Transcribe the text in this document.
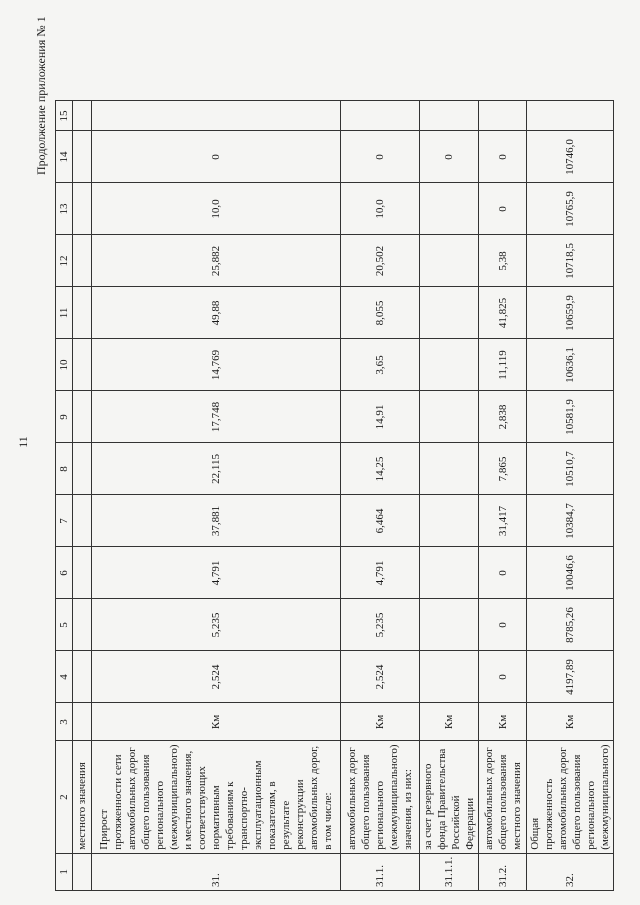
11
Продолжение приложения № 1
1	2	3	4	5	6	7	8	9	10	11	12	13	14	15
	местного значения													
31.	Прирост протяженности сети автомобильных дорог общего пользования регионального (межмуниципального) и местного значения, соответствующих нормативным требованиям к транспортно-эксплуатационным показателям, в результате реконструкции автомобильных дорог, в том числе:	Км	2,524	5,235	4,791	37,881	22,115	17,748	14,769	49,88	25,882	10,0	0	
31.1.	автомобильных дорог общего пользования регионального (межмуниципального) значения, из них:	Км	2,524	5,235	4,791	6,464	14,25	14,91	3,65	8,055	20,502	10,0	0	
31.1.1.	за счет резервного фонда Правительства Российской Федерации	Км											0	
31.2.	автомобильных дорог общего пользования местного значения	Км	0	0	0	31,417	7,865	2,838	11,119	41,825	5,38	0	0	
32.	Общая протяженность автомобильных дорог общего пользования регионального (межмуниципального)	Км	4197,89	8785,26	10046,6	10384,7	10510,7	10581,9	10636,1	10659,9	10718,5	10765,9	10746,0	
